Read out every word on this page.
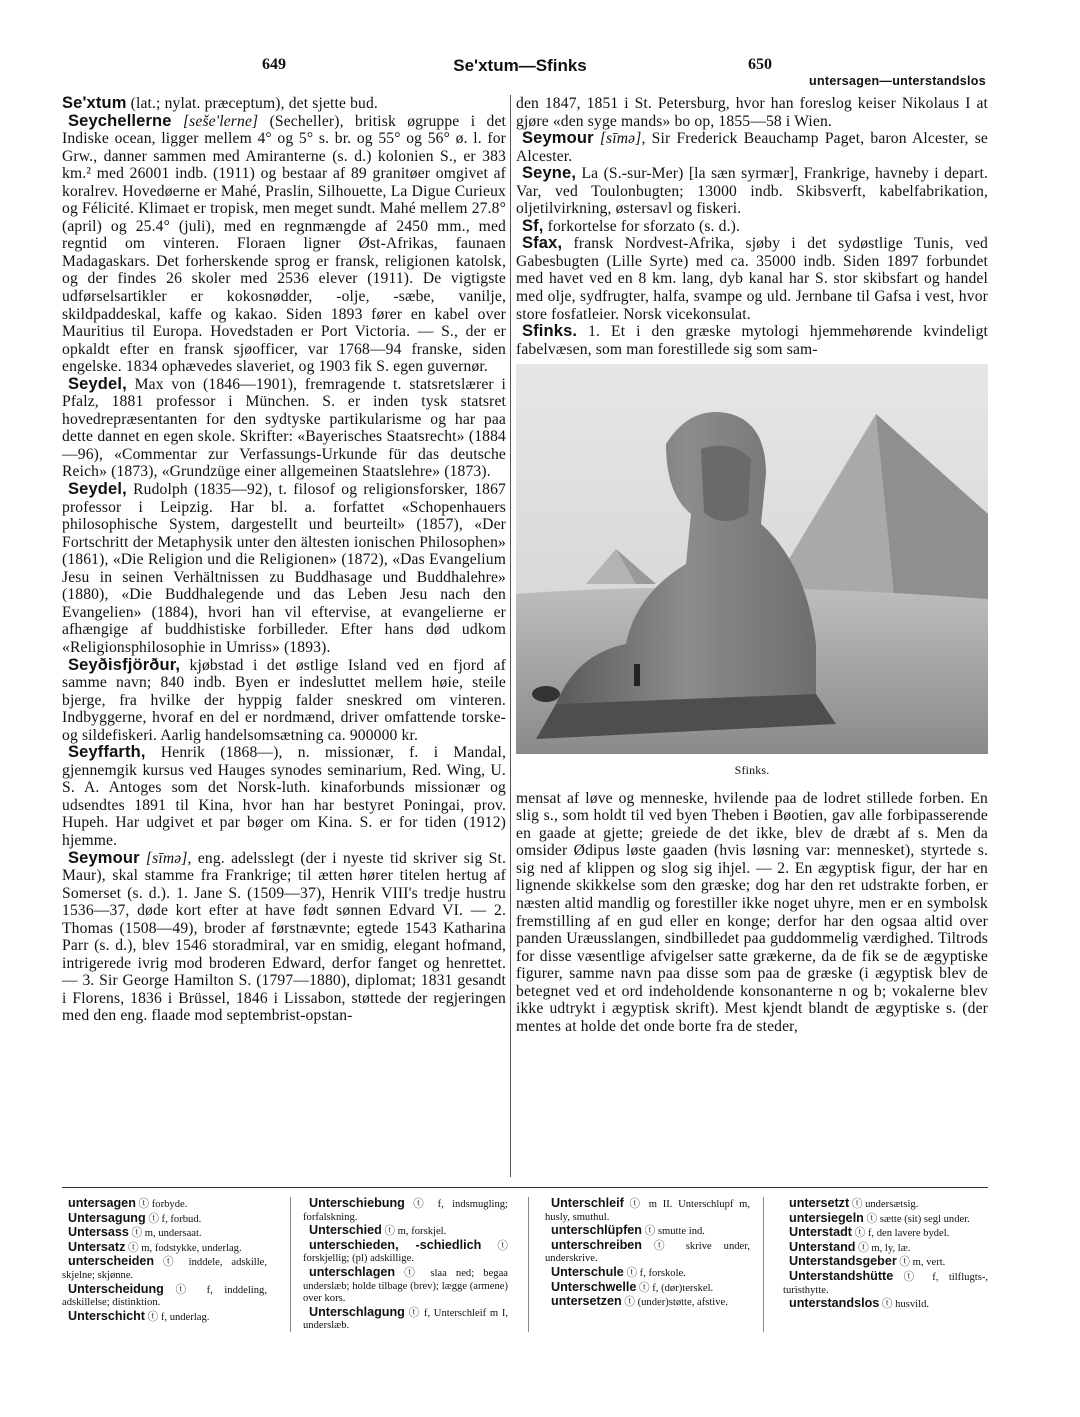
649	Se'xtum—Sfinks	650
untersagen—unterstandslos

Se'xtum (lat.; nylat. præceptum), det sjette bud.

Seychellerne [seše'lerne] (Secheller), britisk øgruppe i det Indiske ocean, ligger mellem 4° og 5° s. br. og 55° og 56° ø. l. for Grw., danner sammen med Amiranterne (s. d.) kolonien S., er 383 km.² med 26001 indb. (1911) og bestaar af 89 granitøer omgivet af koralrev. Hovedøerne er Mahé, Praslin, Silhouette, La Digue Curieux og Félicité. Klimaet er tropisk, men meget sundt. Mahé mellem 27.8° (april) og 25.4° (juli), med en regnmængde af 2450 mm., med regntid om vinteren. Floraen ligner Øst-Afrikas, faunaen Madagaskars. Det forherskende sprog er fransk, religionen katolsk, og der findes 26 skoler med 2536 elever (1911). De vigtigste udførselsartikler er kokosnødder, -olje, -sæbe, vanilje, skildpaddeskal, kaffe og kakao. Siden 1893 fører en kabel over Mauritius til Europa. Hovedstaden er Port Victoria. — S., der er opkaldt efter en fransk sjøofficer, var 1768—94 franske, siden engelske. 1834 ophævedes slaveriet, og 1903 fik S. egen guvernør.

Seydel, Max von (1846—1901), fremragende t. statsretslærer i Pfalz, 1881 professor i München. S. er inden tysk statsret hovedrepræsentanten for den sydtyske partikularisme og har paa dette dannet en egen skole. Skrifter: «Bayerisches Staatsrecht» (1884—96), «Commentar zur Verfassungs-Urkunde für das deutsche Reich» (1873), «Grundzüge einer allgemeinen Staatslehre» (1873).

Seydel, Rudolph (1835—92), t. filosof og religionsforsker, 1867 professor i Leipzig. Har bl. a. forfattet «Schopenhauers philosophische System, dargestellt und beurteilt» (1857), «Der Fortschritt der Metaphysik unter den ältesten ionischen Philosophen» (1861), «Die Religion und die Religionen» (1872), «Das Evangelium Jesu in seinen Verhältnissen zu Buddhasage und Buddhalehre» (1880), «Die Buddhalegende und das Leben Jesu nach den Evangelien» (1884), hvori han vil eftervise, at evangelierne er afhængige af buddhistiske forbilleder. Efter hans død udkom «Religionsphilosophie in Umriss» (1893).

Seyðisfjörður, kjøbstad i det østlige Island ved en fjord af samme navn; 840 indb. Byen er indesluttet mellem høie, steile bjerge, fra hvilke der hyppig falder sneskred om vinteren. Indbyggerne, hvoraf en del er nordmænd, driver omfattende torske- og sildefiskeri. Aarlig handelsomsætning ca. 900000 kr.

Seyffarth, Henrik (1868—), n. missionær, f. i Mandal, gjennemgik kursus ved Hauges synodes seminarium, Red. Wing, U. S. A. Antoges som det Norsk-luth. kinaforbunds missionær og udsendtes 1891 til Kina, hvor han har bestyret Poningai, prov. Hupeh. Har udgivet et par bøger om Kina. S. er for tiden (1912) hjemme.

Seymour [sīmə], eng. adelsslegt (der i nyeste tid skriver sig St. Maur), skal stamme fra Frankrige; til ætten hører titelen hertug af Somerset (s. d.). 1. Jane S. (1509—37), Henrik VIII's tredje hustru 1536—37, døde kort efter at have født sønnen Edvard VI. — 2. Thomas (1508—49), broder af førstnævnte; egtede 1543 Katharina Parr (s. d.), blev 1546 storadmiral, var en smidig, elegant hofmand, intrigerede ivrig mod broderen Edward, derfor fanget og henrettet. — 3. Sir George Hamilton S. (1797—1880), diplomat; 1831 gesandt i Florens, 1836 i Brüssel, 1846 i Lissabon, støttede der regjeringen med den eng. flaade mod septembrist-opstan-

den 1847, 1851 i St. Petersburg, hvor han foreslog keiser Nikolaus I at gjøre «den syge mands» bo op, 1855—58 i Wien.

Seymour [sīmə], Sir Frederick Beauchamp Paget, baron Alcester, se Alcester.

Seyne, La (S.-sur-Mer) [la sæn syrmær], Frankrige, havneby i depart. Var, ved Toulonbugten; 13000 indb. Skibsverft, kabelfabrikation, oljetilvirkning, østersavl og fiskeri.

Sf, forkortelse for sforzato (s. d.).

Sfax, fransk Nordvest-Afrika, sjøby i det sydøstlige Tunis, ved Gabesbugten (Lille Syrte) med ca. 35000 indb. Siden 1897 forbundet med havet ved en 8 km. lang, dyb kanal har S. stor skibsfart og handel med olje, sydfrugter, halfa, svampe og uld. Jernbane til Gafsa i vest, hvor store fosfatleier. Norsk vicekonsulat.

Sfinks. 1. Et i den græske mytologi hjemmehørende kvindeligt fabelvæsen, som man forestillede sig som sam-

Sfinks.

mensat af løve og menneske, hvilende paa de lodret stillede forben. En slig s., som holdt til ved byen Theben i Bøotien, gav alle forbipasserende en gaade at gjette; greiede de det ikke, blev de dræbt af s. Men da omsider Ødipus løste gaaden (hvis løsning var: mennesket), styrtede s. sig ned af klippen og slog sig ihjel. — 2. En ægyptisk figur, der har en lignende skikkelse som den græske; dog har den ret udstrakte forben, er næsten altid mandlig og forestiller ikke noget uhyre, men er en symbolsk fremstilling af en gud eller en konge; derfor har den ogsaa altid over panden Uræusslangen, sindbilledet paa guddommelig værdighed. Tiltrods for disse væsentlige afvigelser satte grækerne, da de fik se de ægyptiske figurer, samme navn paa disse som paa de græske (i ægyptisk blev de betegnet ved et ord indeholdende konsonanterne n og b; vokalerne blev ikke udtrykt i ægyptisk skrift). Mest kjendt blandt de ægyptiske s. (der mentes at holde det onde borte fra de steder,

untersagen ⓣ forbyde.

Untersagung ⓣ f, forbud.

Untersass ⓣ m, undersaat.

Untersatz ⓣ m, fodstykke, underlag.

unterscheiden ⓣ inddele, adskille, skjelne; skjønne.

Unterscheidung ⓣ f, inddeling, adskillelse; distinktion.

Unterschicht ⓣ f, underlag.

Unterschiebung ⓣ f, indsmugling; forfalskning.

Unterschied ⓣ m, forskjel.

unterschieden, -schiedlich ⓣ forskjellig; (pl) adskillige.

unterschlagen ⓣ slaa ned; begaa underslæb; holde tilbage (brev); lægge (armene) over kors.

Unterschlagung ⓣ f, Unterschleif m I, underslæb.

Unterschleif ⓣ m II. Unterschlupf m, husly, smuthul.

unterschlüpfen ⓣ smutte ind.

unterschreiben ⓣ skrive under, underskrive.

Unterschule ⓣ f, forskole.

Unterschwelle ⓣ f, (dør)terskel.

untersetzen ⓣ (under)støtte, afstive.

untersetzt ⓣ undersætsig.

untersiegeln ⓣ sætte (sit) segl under.

Unterstadt ⓣ f, den lavere bydel.

Unterstand ⓣ m, ly, læ.

Unterstandsgeber ⓣ m, vert.

Unterstandshütte ⓣ f, tilflugts-, turisthytte.

unterstandslos ⓣ husvild.
